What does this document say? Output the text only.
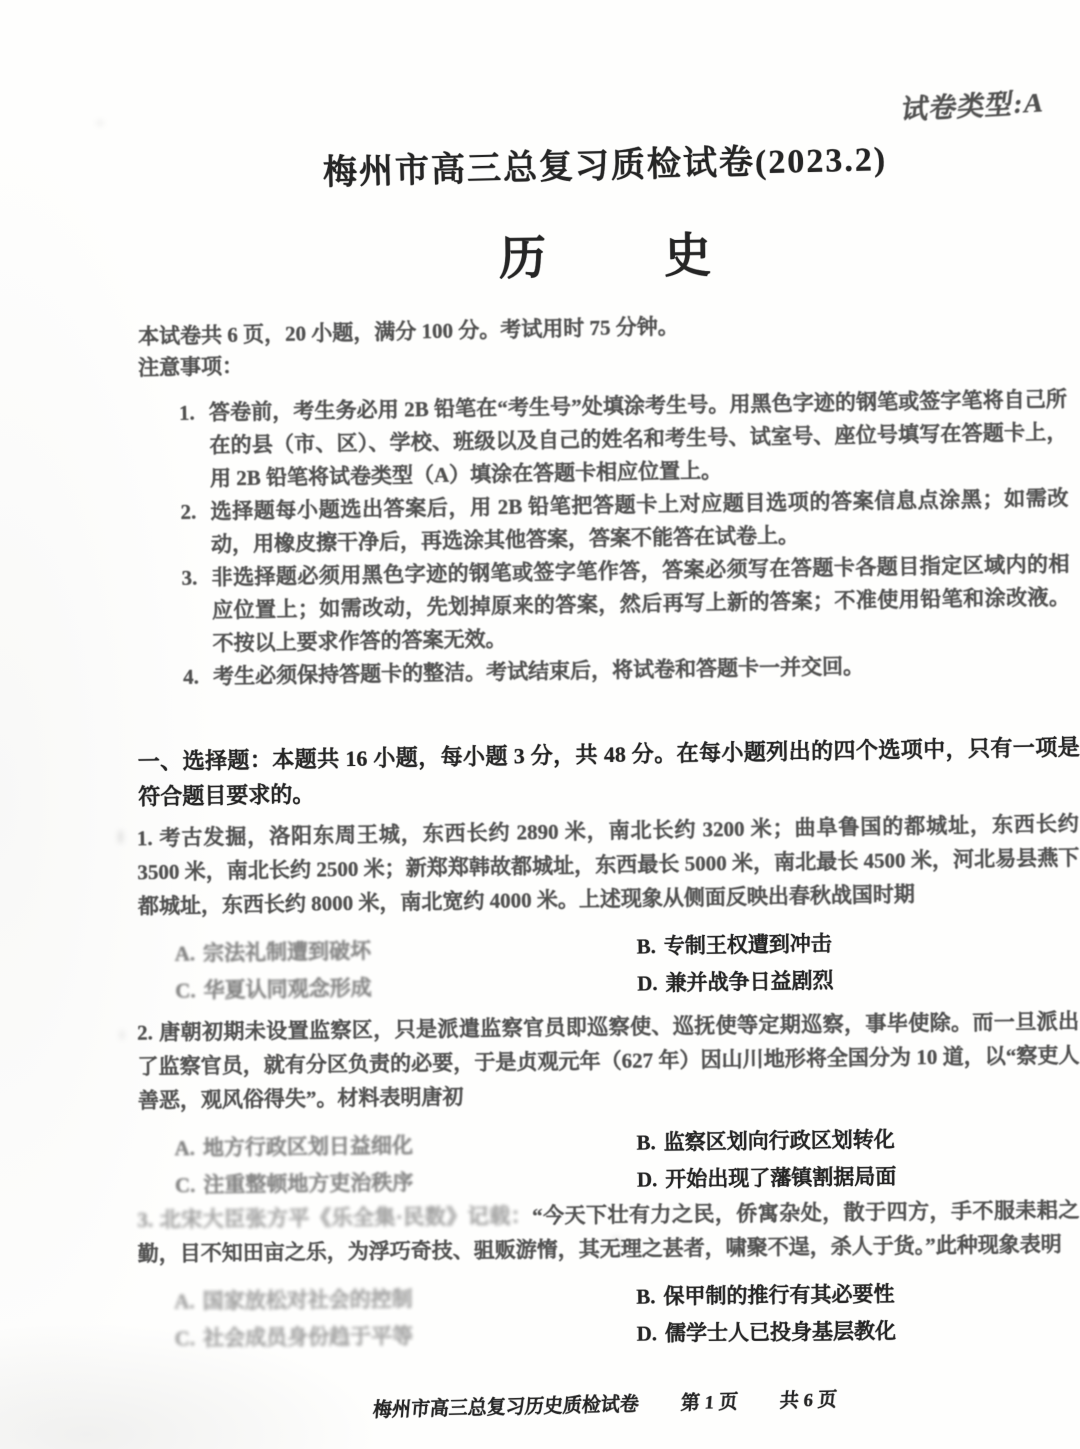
试卷类型:A
梅州市高三总复习质检试卷(2023.2)
历 史

本试卷共 6 页，20 小题，满分 100 分。考试用时 75 分钟。

注意事项：

1. 答卷前，考生务必用 2B 铅笔在“考生号”处填涂考生号。用黑色字迹的钢笔或签字笔将自己所在的县（市、区）、学校、班级以及自己的姓名和考生号、试室号、座位号填写在答题卡上，用 2B 铅笔将试卷类型（A）填涂在答题卡相应位置上。
2. 选择题每小题选出答案后，用 2B 铅笔把答题卡上对应题目选项的答案信息点涂黑；如需改动，用橡皮擦干净后，再选涂其他答案，答案不能答在试卷上。
3. 非选择题必须用黑色字迹的钢笔或签字笔作答，答案必须写在答题卡各题目指定区域内的相应位置上；如需改动，先划掉原来的答案，然后再写上新的答案；不准使用铅笔和涂改液。不按以上要求作答的答案无效。
4. 考生必须保持答题卡的整洁。考试结束后，将试卷和答题卡一并交回。

一、选择题：本题共 16 小题，每小题 3 分，共 48 分。在每小题列出的四个选项中，只有一项是符合题目要求的。

1. 考古发掘，洛阳东周王城，东西长约 2890 米，南北长约 3200 米；曲阜鲁国的都城址，东西长约 3500 米，南北长约 2500 米；新郑郑韩故都城址，东西最长 5000 米，南北最长 4500 米，河北易县燕下都城址，东西长约 8000 米，南北宽约 4000 米。上述现象从侧面反映出春秋战国时期

A. 宗法礼制遭到破坏	B. 专制王权遭到冲击
C. 华夏认同观念形成	D. 兼并战争日益剧烈

2. 唐朝初期未设置监察区，只是派遣监察官员即巡察使、巡抚使等定期巡察，事毕使除。而一旦派出了监察官员，就有分区负责的必要，于是贞观元年（627 年）因山川地形将全国分为 10 道，以“察吏人善恶，观风俗得失”。材料表明唐初

A. 地方行政区划日益细化	B. 监察区划向行政区划转化
C. 注重整顿地方吏治秩序	D. 开始出现了藩镇割据局面

3. 北宋大臣张方平《乐全集·民数》记载：“今天下壮有力之民，侨寓杂处，散于四方，手不服耒耜之勤，目不知田亩之乐，为浮巧奇技、驵贩游惰，其无理之甚者，啸聚不逞，杀人于货。”此种现象表明

A. 国家放松对社会的控制	B. 保甲制的推行有其必要性
C. 社会成员身份趋于平等	D. 儒学士人已投身基层教化
梅州市高三总复习历史质检试卷 第 1 页 共 6 页
